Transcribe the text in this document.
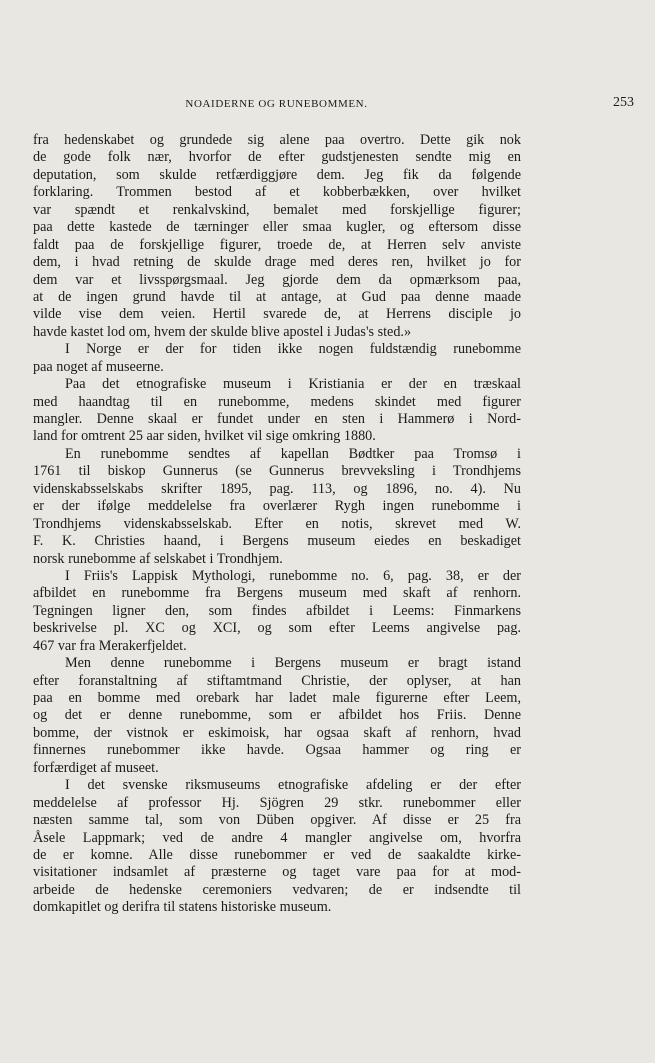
NOAIDERNE OG RUNEBOMMEN.	253
fra hedenskabet og grundede sig alene paa overtro. Dette gik nok
de gode folk nær, hvorfor de efter gudstjenesten sendte mig en
deputation, som skulde retfærdiggjøre dem. Jeg fik da følgende
forklaring. Trommen bestod af et kobberbækken, over hvilket
var spændt et renkalvskind, bemalet med forskjellige figurer;
paa dette kastede de tærninger eller smaa kugler, og eftersom disse
faldt paa de forskjellige figurer, troede de, at Herren selv anviste
dem, i hvad retning de skulde drage med deres ren, hvilket jo for
dem var et livsspørgsmaal. Jeg gjorde dem da opmærksom paa,
at de ingen grund havde til at antage, at Gud paa denne maade
vilde vise dem veien. Hertil svarede de, at Herrens disciple jo
havde kastet lod om, hvem der skulde blive apostel i Judas's sted.»
I Norge er der for tiden ikke nogen fuldstændig runebomme
paa noget af museerne.
Paa det etnografiske museum i Kristiania er der en træskaal
med haandtag til en runebomme, medens skindet med figurer
mangler. Denne skaal er fundet under en sten i Hammerø i Nord-
land for omtrent 25 aar siden, hvilket vil sige omkring 1880.
En runebomme sendtes af kapellan Bødtker paa Tromsø i
1761 til biskop Gunnerus (se Gunnerus brevveksling i Trondhjems
videnskabsselskabs skrifter 1895, pag. 113, og 1896, no. 4). Nu
er der ifølge meddelelse fra overlærer Rygh ingen runebomme i
Trondhjems videnskabsselskab. Efter en notis, skrevet med W.
F. K. Christies haand, i Bergens museum eiedes en beskadiget
norsk runebomme af selskabet i Trondhjem.
I Friis's Lappisk Mythologi, runebomme no. 6, pag. 38, er der
afbildet en runebomme fra Bergens museum med skaft af renhorn.
Tegningen ligner den, som findes afbildet i Leems: Finmarkens
beskrivelse pl. XC og XCI, og som efter Leems angivelse pag.
467 var fra Merakerfjeldet.
Men denne runebomme i Bergens museum er bragt istand
efter foranstaltning af stiftamtmand Christie, der oplyser, at han
paa en bomme med orebark har ladet male figurerne efter Leem,
og det er denne runebomme, som er afbildet hos Friis. Denne
bomme, der vistnok er eskimoisk, har ogsaa skaft af renhorn, hvad
finnernes runebommer ikke havde. Ogsaa hammer og ring er
forfærdiget af museet.
I det svenske riksmuseums etnografiske afdeling er der efter
meddelelse af professor Hj. Sjögren 29 stkr. runebommer eller
næsten samme tal, som von Düben opgiver. Af disse er 25 fra
Åsele Lappmark; ved de andre 4 mangler angivelse om, hvorfra
de er komne. Alle disse runebommer er ved de saakaldte kirke-
visitationer indsamlet af præsterne og taget vare paa for at mod-
arbeide de hedenske ceremoniers vedvaren; de er indsendte til
domkapitlet og derifra til statens historiske museum.
